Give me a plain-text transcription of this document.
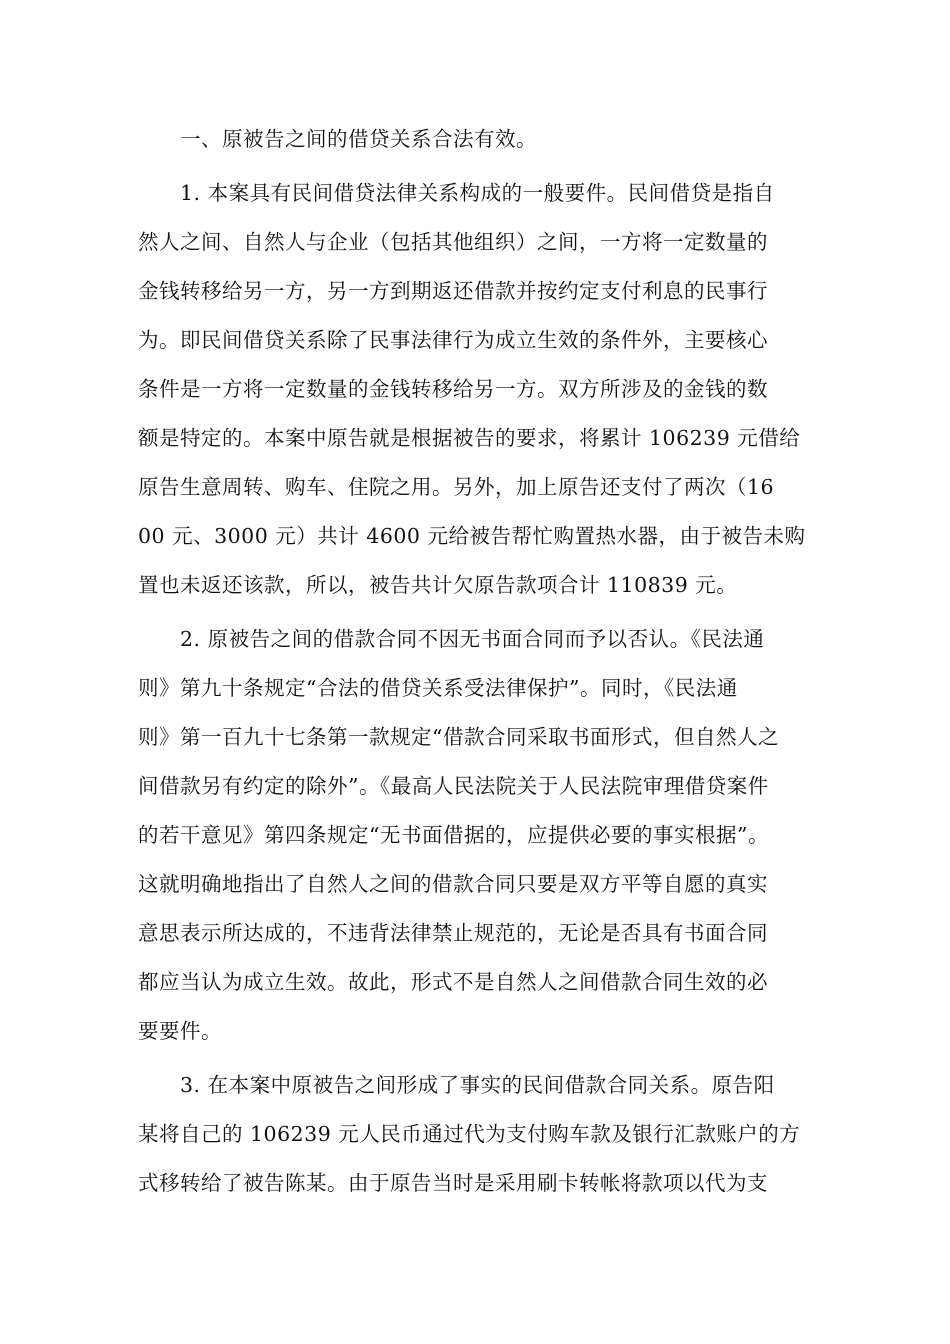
一、原被告之间的借贷关系合法有效。
1. 本案具有民间借贷法律关系构成的一般要件。民间借贷是指自
然人之间、自然人与企业（包括其他组织）之间，一方将一定数量的
金钱转移给另一方，另一方到期返还借款并按约定支付利息的民事行
为。即民间借贷关系除了民事法律行为成立生效的条件外，主要核心
条件是一方将一定数量的金钱转移给另一方。双方所涉及的金钱的数
额是特定的。本案中原告就是根据被告的要求，将累计 106239 元借给
原告生意周转、购车、住院之用。另外，加上原告还支付了两次（16
00 元、3000 元）共计 4600 元给被告帮忙购置热水器，由于被告未购
置也未返还该款，所以，被告共计欠原告款项合计 110839 元。
2. 原被告之间的借款合同不因无书面合同而予以否认。《民法通
则》第九十条规定“合法的借贷关系受法律保护”。同时，《民法通
则》第一百九十七条第一款规定“借款合同采取书面形式，但自然人之
间借款另有约定的除外”。《最高人民法院关于人民法院审理借贷案件
的若干意见》第四条规定“无书面借据的，应提供必要的事实根据”。
这就明确地指出了自然人之间的借款合同只要是双方平等自愿的真实
意思表示所达成的，不违背法律禁止规范的，无论是否具有书面合同
都应当认为成立生效。故此，形式不是自然人之间借款合同生效的必
要要件。
3. 在本案中原被告之间形成了事实的民间借款合同关系。原告阳
某将自己的 106239 元人民币通过代为支付购车款及银行汇款账户的方
式移转给了被告陈某。由于原告当时是采用刷卡转帐将款项以代为支
